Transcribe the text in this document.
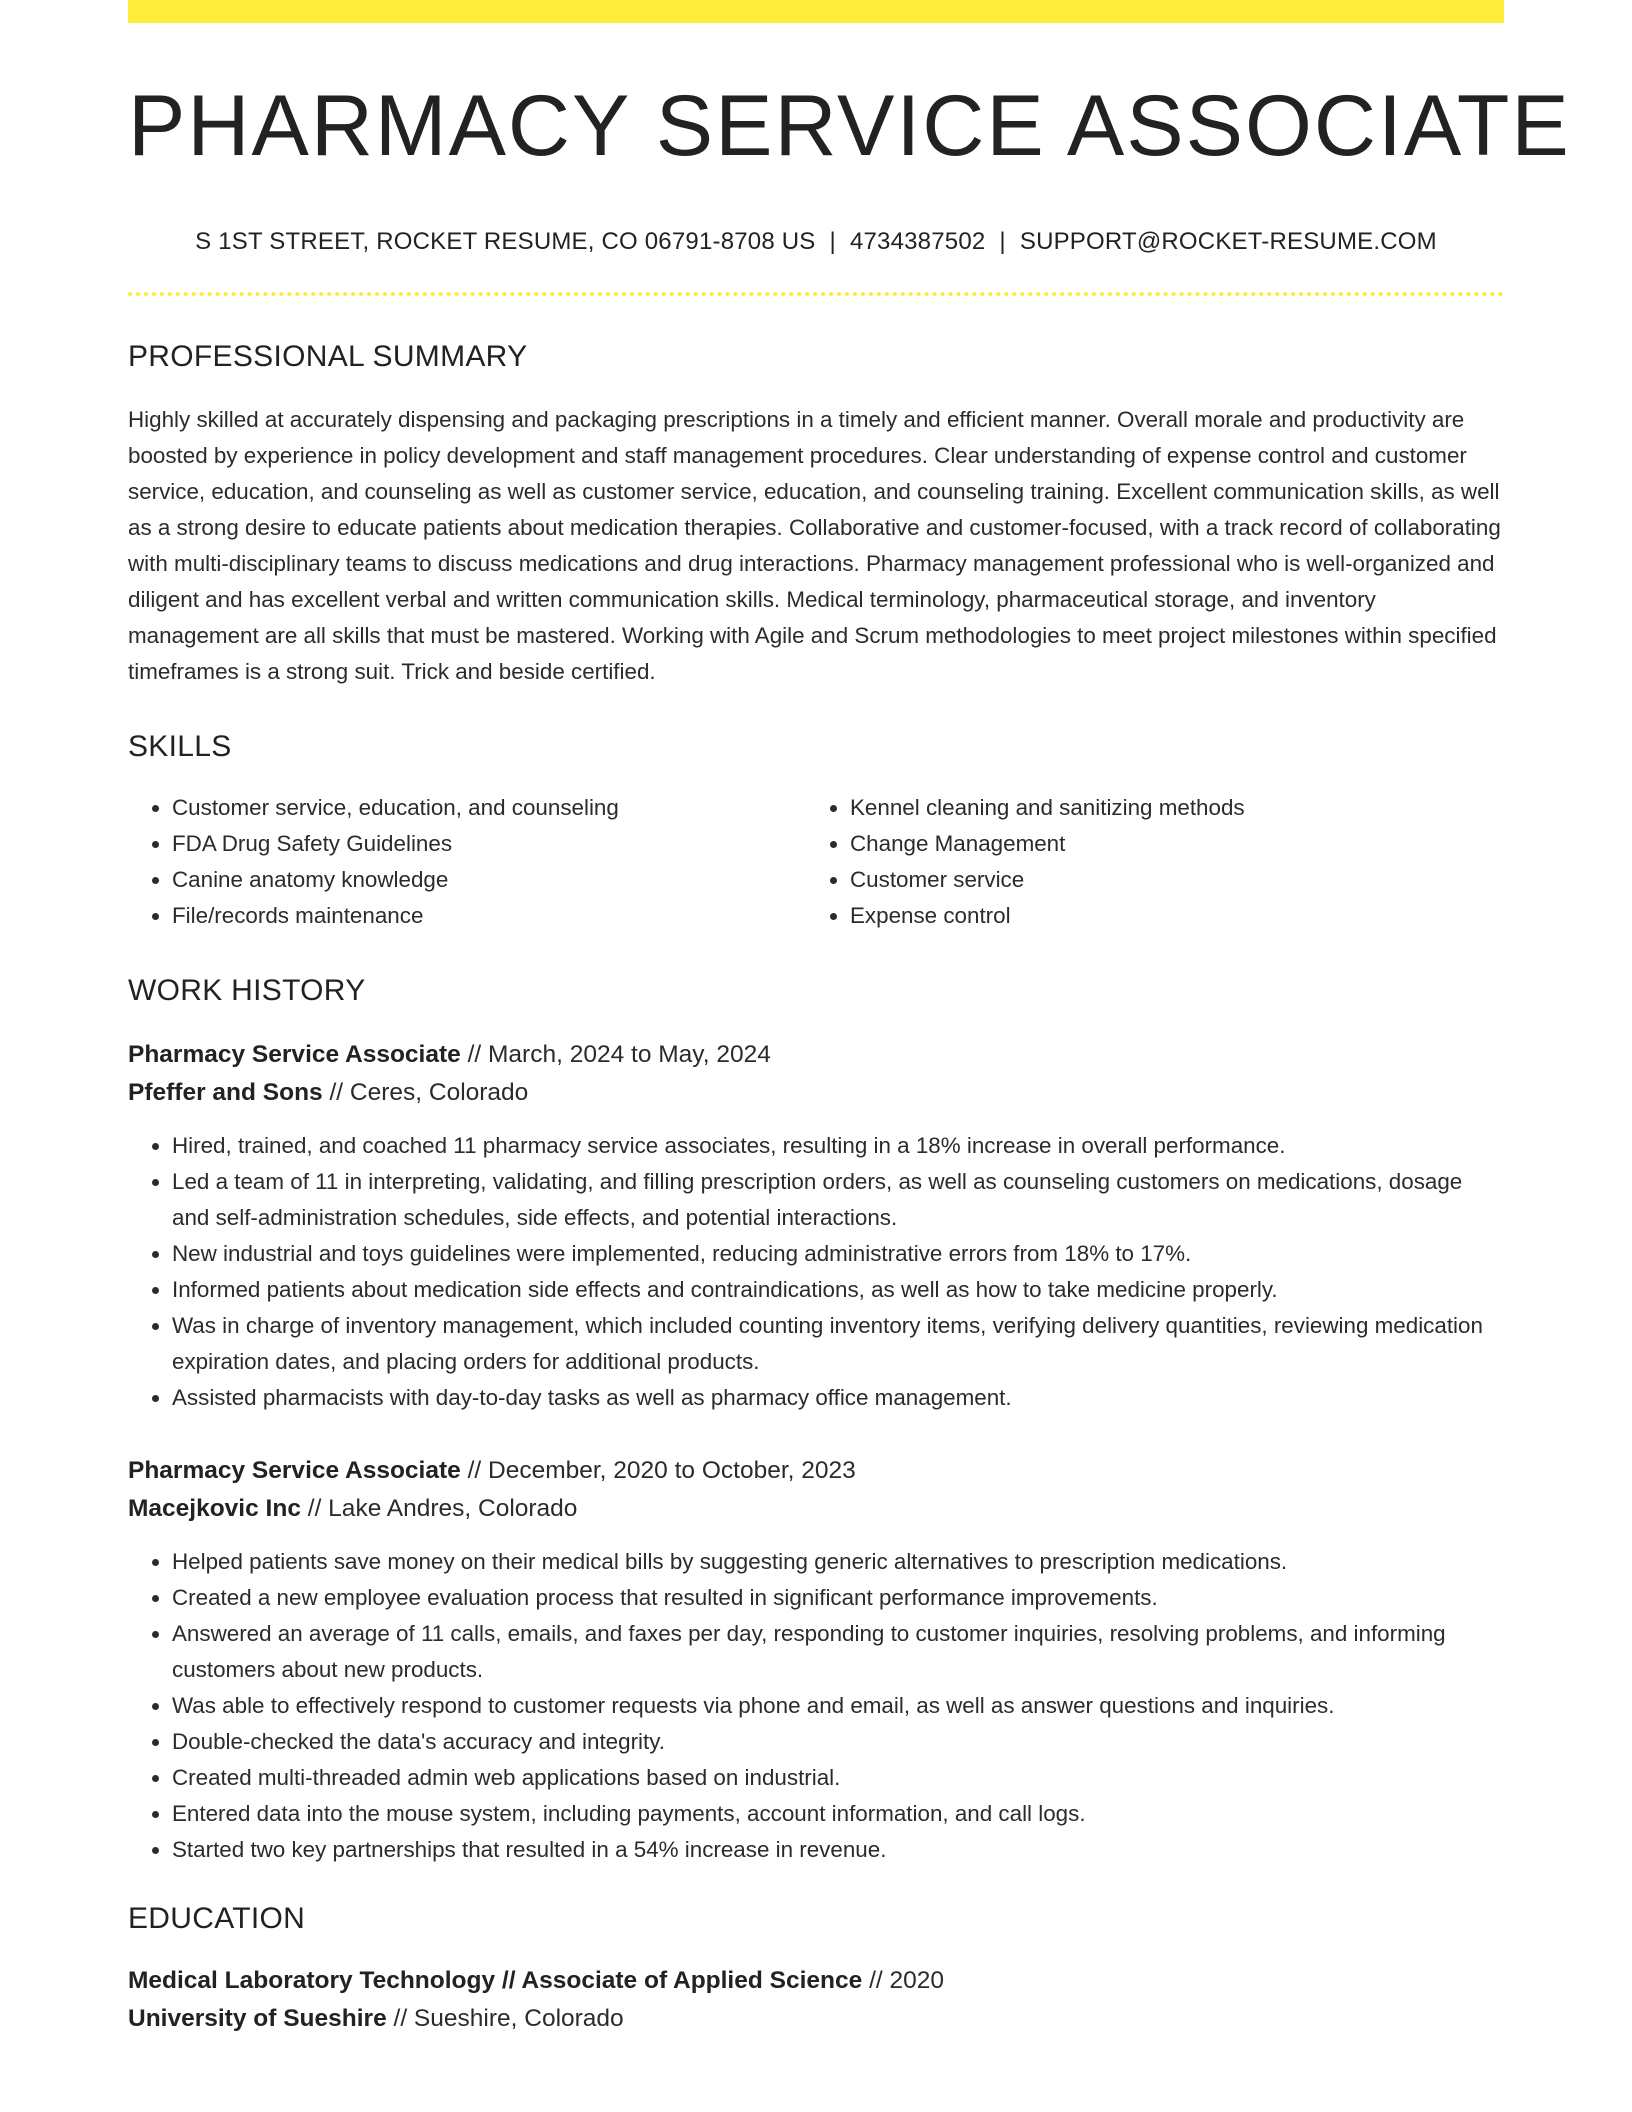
PHARMACY SERVICE ASSOCIATE
S 1ST STREET, ROCKET RESUME, CO 06791-8708 US | 4734387502 | SUPPORT@ROCKET-RESUME.COM
PROFESSIONAL SUMMARY
Highly skilled at accurately dispensing and packaging prescriptions in a timely and efficient manner. Overall morale and productivity are boosted by experience in policy development and staff management procedures. Clear understanding of expense control and customer service, education, and counseling as well as customer service, education, and counseling training. Excellent communication skills, as well as a strong desire to educate patients about medication therapies. Collaborative and customer-focused, with a track record of collaborating with multi-disciplinary teams to discuss medications and drug interactions. Pharmacy management professional who is well-organized and diligent and has excellent verbal and written communication skills. Medical terminology, pharmaceutical storage, and inventory management are all skills that must be mastered. Working with Agile and Scrum methodologies to meet project milestones within specified timeframes is a strong suit. Trick and beside certified.
SKILLS
• Customer service, education, and counseling
• FDA Drug Safety Guidelines
• Canine anatomy knowledge
• File/records maintenance
• Kennel cleaning and sanitizing methods
• Change Management
• Customer service
• Expense control
WORK HISTORY
Pharmacy Service Associate // March, 2024 to May, 2024
Pfeffer and Sons // Ceres, Colorado
• Hired, trained, and coached 11 pharmacy service associates, resulting in a 18% increase in overall performance.
• Led a team of 11 in interpreting, validating, and filling prescription orders, as well as counseling customers on medications, dosage and self-administration schedules, side effects, and potential interactions.
• New industrial and toys guidelines were implemented, reducing administrative errors from 18% to 17%.
• Informed patients about medication side effects and contraindications, as well as how to take medicine properly.
• Was in charge of inventory management, which included counting inventory items, verifying delivery quantities, reviewing medication expiration dates, and placing orders for additional products.
• Assisted pharmacists with day-to-day tasks as well as pharmacy office management.
Pharmacy Service Associate // December, 2020 to October, 2023
Macejkovic Inc // Lake Andres, Colorado
• Helped patients save money on their medical bills by suggesting generic alternatives to prescription medications.
• Created a new employee evaluation process that resulted in significant performance improvements.
• Answered an average of 11 calls, emails, and faxes per day, responding to customer inquiries, resolving problems, and informing customers about new products.
• Was able to effectively respond to customer requests via phone and email, as well as answer questions and inquiries.
• Double-checked the data's accuracy and integrity.
• Created multi-threaded admin web applications based on industrial.
• Entered data into the mouse system, including payments, account information, and call logs.
• Started two key partnerships that resulted in a 54% increase in revenue.
EDUCATION
Medical Laboratory Technology // Associate of Applied Science // 2020
University of Sueshire // Sueshire, Colorado
